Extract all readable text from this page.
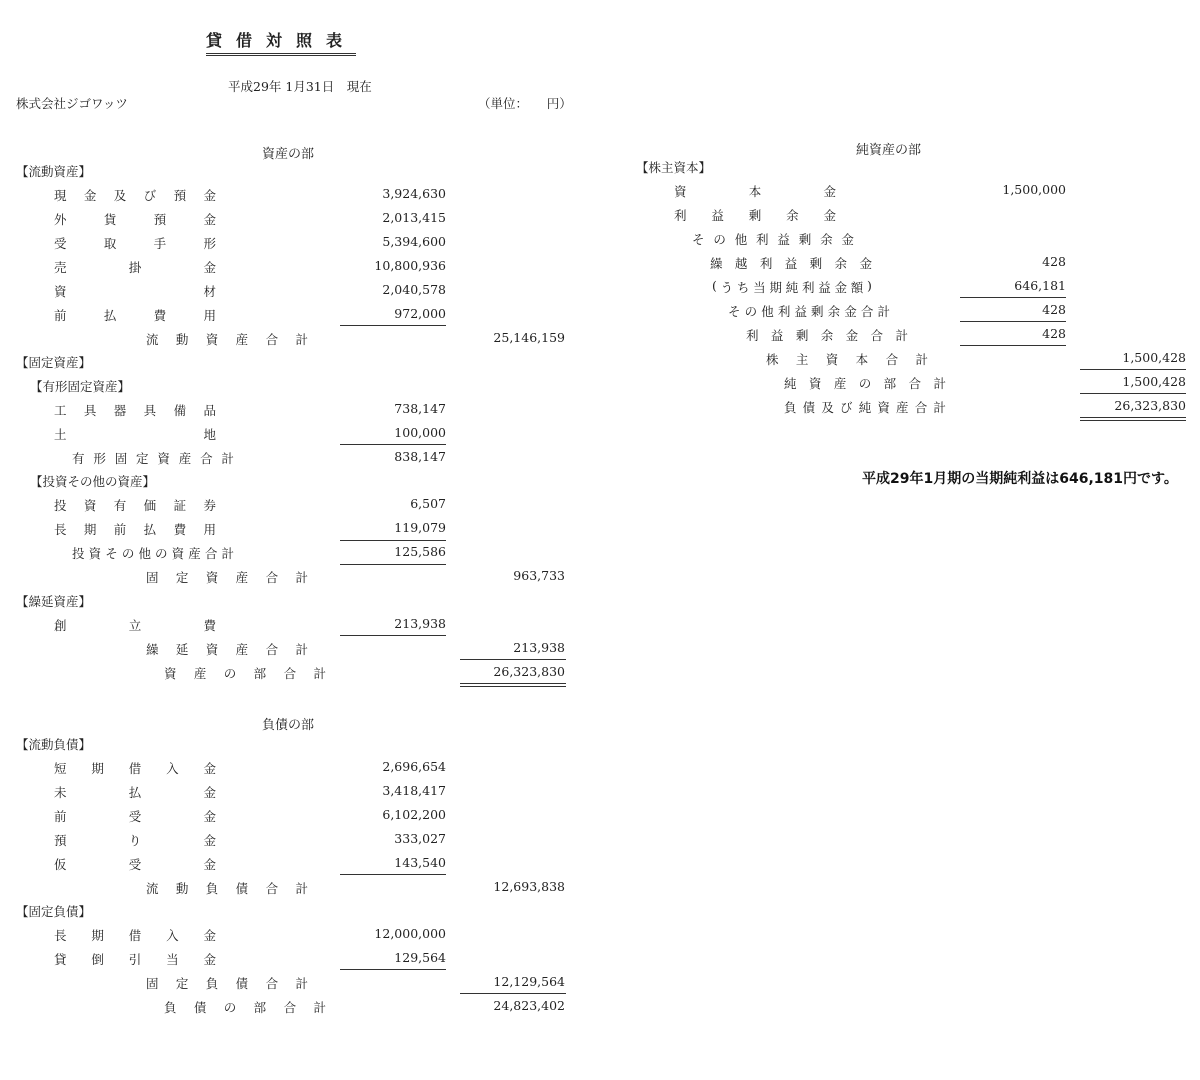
貸借対照表
平成29年 1月31日　現在
株式会社ジゴワッツ	（単位：　　円）
資産の部
【流動資産】
現 金 及 び 預 金	3,924,630
外	貨	預	金	2,013,415
受	取	手	形	5,394,600
売	掛	金	10,800,936
資	材	2,040,578
前	払	費	用	972,000
流 動 資 産 合 計	25,146,159
【固定資産】
【有形固定資産】
工 具 器 具 備 品	738,147
土	地	100,000
有 形 固 定 資 産 合 計	838,147
【投資その他の資産】
投 資 有 価 証 券	6,507
長 期 前 払 費 用	119,079
投 資 そ の 他 の 資 産 合 計	125,586
固 定 資 産 合 計	963,733
【繰延資産】
創	立	費	213,938
繰 延 資 産 合 計	213,938
資 産 の 部 合 計	26,323,830
負債の部
【流動負債】
短 期 借 入 金	2,696,654
未	払	金	3,418,417
前	受	金	6,102,200
預	り	金	333,027
仮	受	金	143,540
流 動 負 債 合 計	12,693,838
【固定負債】
長 期 借 入 金	12,000,000
貸 倒 引 当 金	129,564
固 定 負 債 合 計	12,129,564
負 債 の 部 合 計	24,823,402
純資産の部
【株主資本】
資	本	金	1,500,000
利 益 剰 余 金
そ の 他 利 益 剰 余 金
繰 越 利 益 剰 余 金	428
( う ち 当 期 純 利 益 金 額 )	646,181
そ の 他 利 益 剰 余 金 合 計	428
利 益 剰 余 金 合 計	428
株 主 資 本 合 計	1,500,428
純 資 産 の 部 合 計	1,500,428
負 債 及 び 純 資 産 合 計	26,323,830
平成29年1月期の当期純利益は646,181円です。
